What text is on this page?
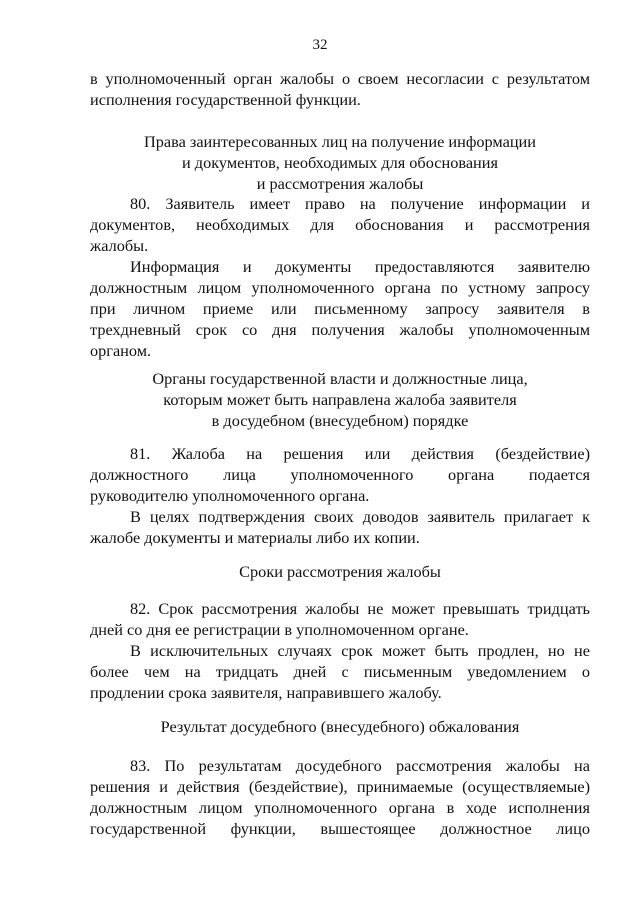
32
в уполномоченный орган жалобы о своем несогласии с результатом
исполнения государственной функции.
Права заинтересованных лиц на получение информации
и документов, необходимых для обоснования
и рассмотрения жалобы
80. Заявитель имеет право на получение информации и
документов, необходимых для обоснования и рассмотрения
жалобы.
Информация и документы предоставляются заявителю
должностным лицом уполномоченного органа по устному запросу
при личном приеме или письменному запросу заявителя в
трехдневный срок со дня получения жалобы уполномоченным
органом.
Органы государственной власти и должностные лица,
которым может быть направлена жалоба заявителя
в досудебном (внесудебном) порядке
81. Жалоба на решения или действия (бездействие)
должностного лица уполномоченного органа подается
руководителю уполномоченного органа.
В целях подтверждения своих доводов заявитель прилагает к
жалобе документы и материалы либо их копии.
Сроки рассмотрения жалобы
82. Срок рассмотрения жалобы не может превышать тридцать
дней со дня ее регистрации в уполномоченном органе.
В исключительных случаях срок может быть продлен, но не
более чем на тридцать дней с письменным уведомлением о
продлении срока заявителя, направившего жалобу.
Результат досудебного (внесудебного) обжалования
83. По результатам досудебного рассмотрения жалобы на
решения и действия (бездействие), принимаемые (осуществляемые)
должностным лицом уполномоченного органа в ходе исполнения
государственной функции, вышестоящее должностное лицо
